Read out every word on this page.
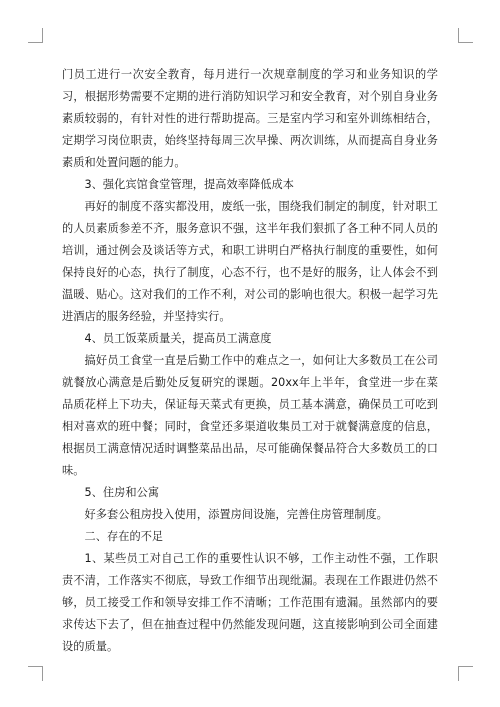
门员工进行一次安全教育，每月进行一次规章制度的学习和业务知识的学习，根据形势需要不定期的进行消防知识学习和安全教育，对个别自身业务素质较弱的，有针对性的进行帮助提高。三是室内学习和室外训练相结合，定期学习岗位职责，始终坚持每周三次早操、两次训练，从而提高自身业务素质和处置问题的能力。

3、强化宾馆食堂管理，提高效率降低成本

再好的制度不落实都没用，废纸一张，围绕我们制定的制度，针对职工的人员素质参差不齐，服务意识不强，这半年我们狠抓了各工种不同人员的培训，通过例会及谈话等方式，和职工讲明白严格执行制度的重要性，如何保持良好的心态，执行了制度，心态不行，也不是好的服务，让人体会不到温暖、贴心。这对我们的工作不利，对公司的影响也很大。积极一起学习先进酒店的服务经验，并坚持实行。

4、员工饭菜质量关，提高员工满意度

搞好员工食堂一直是后勤工作中的难点之一，如何让大多数员工在公司就餐放心满意是后勤处反复研究的课题。20xx年上半年，食堂进一步在菜品质花样上下功夫，保证每天菜式有更换，员工基本满意，确保员工可吃到相对喜欢的班中餐；同时，食堂还多渠道收集员工对于就餐满意度的信息，根据员工满意情况适时调整菜品出品，尽可能确保餐品符合大多数员工的口味。

5、住房和公寓

好多套公租房投入使用，添置房间设施，完善住房管理制度。

二、存在的不足

1、某些员工对自己工作的重要性认识不够，工作主动性不强，工作职责不清，工作落实不彻底，导致工作细节出现纰漏。表现在工作跟进仍然不够，员工接受工作和领导安排工作不清晰；工作范围有遗漏。虽然部内的要求传达下去了，但在抽查过程中仍然能发现问题，这直接影响到公司全面建设的质量。
